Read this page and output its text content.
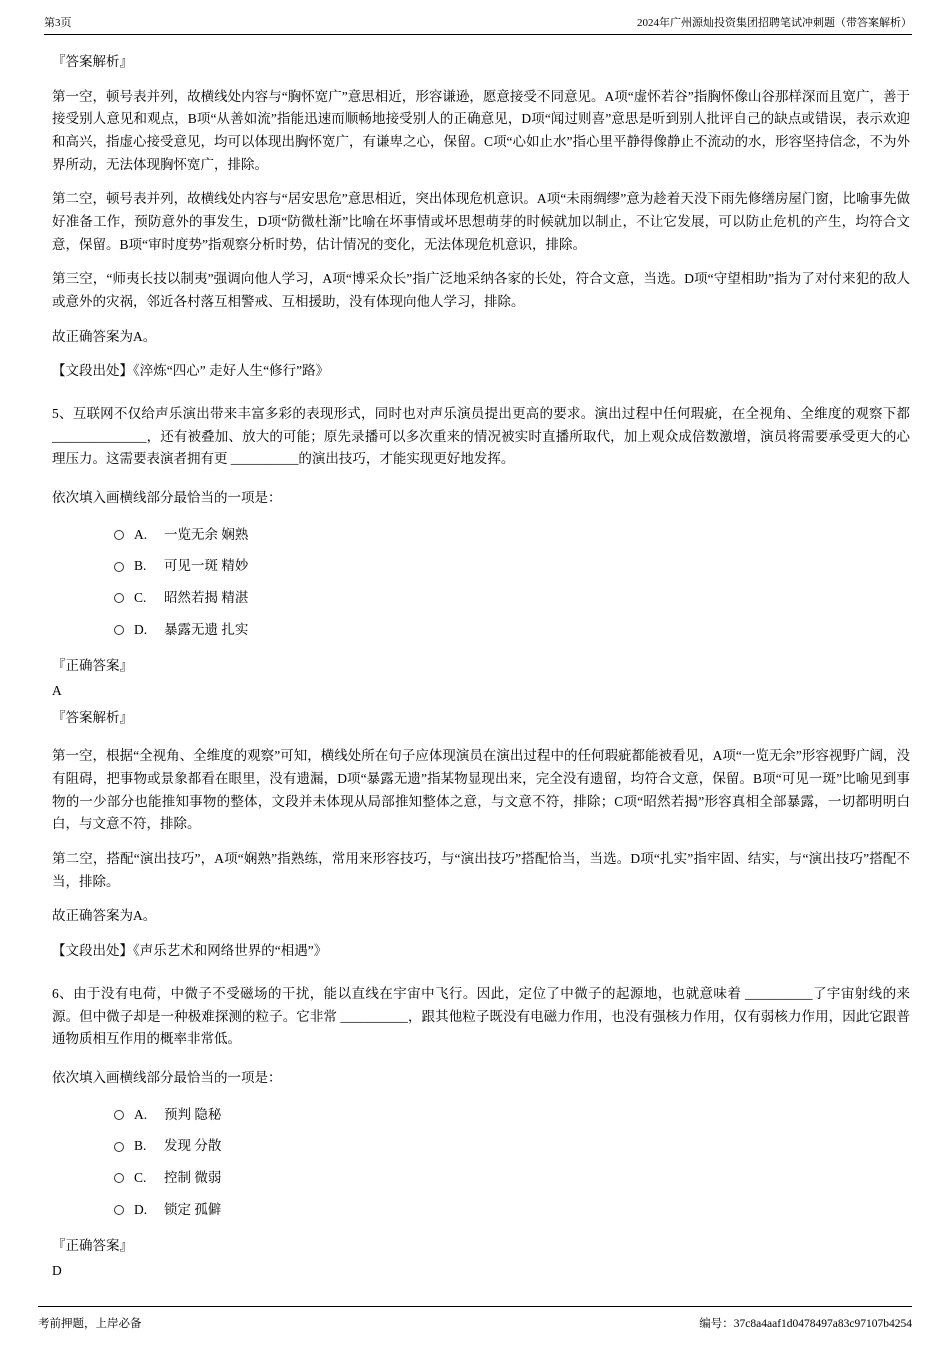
第3页	2024年广州源灿投资集团招聘笔试冲刺题（带答案解析）

『答案解析』

第一空，顿号表并列，故横线处内容与“胸怀宽广”意思相近，形容谦逊，愿意接受不同意见。A项“虚怀若谷”指胸怀像山谷那样深而且宽广，善于接受别人意见和观点，B项“从善如流”指能迅速而顺畅地接受别人的正确意见，D项“闻过则喜”意思是听到别人批评自己的缺点或错误，表示欢迎和高兴，指虚心接受意见，均可以体现出胸怀宽广，有谦卑之心，保留。C项“心如止水”指心里平静得像静止不流动的水，形容坚持信念，不为外界所动，无法体现胸怀宽广，排除。

第二空，顿号表并列，故横线处内容与“居安思危”意思相近，突出体现危机意识。A项“未雨绸缪”意为趁着天没下雨先修缮房屋门窗，比喻事先做好准备工作，预防意外的事发生，D项“防微杜渐”比喻在坏事情或坏思想萌芽的时候就加以制止，不让它发展，可以防止危机的产生，均符合文意，保留。B项“审时度势”指观察分析时势，估计情况的变化，无法体现危机意识，排除。

第三空，“师夷长技以制夷”强调向他人学习，A项“博采众长”指广泛地采纳各家的长处，符合文意，当选。D项“守望相助”指为了对付来犯的敌人或意外的灾祸，邻近各村落互相警戒、互相援助，没有体现向他人学习，排除。

故正确答案为A。

【文段出处】《淬炼“四心” 走好人生“修行”路》

5、互联网不仅给声乐演出带来丰富多彩的表现形式，同时也对声乐演员提出更高的要求。演出过程中任何瑕疵，在全视角、全维度的观察下都______________，还有被叠加、放大的可能；原先录播可以多次重来的情况被实时直播所取代，加上观众成倍数激增，演员将需要承受更大的心理压力。这需要表演者拥有更 __________的演出技巧，才能实现更好地发挥。

依次填入画横线部分最恰当的一项是：

A.	一览无余 娴熟
B.	可见一斑 精妙
C.	昭然若揭 精湛
D.	暴露无遗 扎实

『正确答案』

A

『答案解析』

第一空，根据“全视角、全维度的观察”可知，横线处所在句子应体现演员在演出过程中的任何瑕疵都能被看见，A项“一览无余”形容视野广阔，没有阻碍，把事物或景象都看在眼里，没有遗漏，D项“暴露无遗”指某物显现出来，完全没有遗留，均符合文意，保留。B项“可见一斑”比喻见到事物的一少部分也能推知事物的整体，文段并未体现从局部推知整体之意，与文意不符，排除；C项“昭然若揭”形容真相全部暴露，一切都明明白白，与文意不符，排除。

第二空，搭配“演出技巧”，A项“娴熟”指熟练，常用来形容技巧，与“演出技巧”搭配恰当，当选。D项“扎实”指牢固、结实，与“演出技巧”搭配不当，排除。

故正确答案为A。

【文段出处】《声乐艺术和网络世界的“相遇”》

6、由于没有电荷，中微子不受磁场的干扰，能以直线在宇宙中飞行。因此，定位了中微子的起源地，也就意味着 __________了宇宙射线的来源。但中微子却是一种极难探测的粒子。它非常 __________，跟其他粒子既没有电磁力作用，也没有强核力作用，仅有弱核力作用，因此它跟普通物质相互作用的概率非常低。

依次填入画横线部分最恰当的一项是：

A.	预判 隐秘
B.	发现 分散
C.	控制 微弱
D.	锁定 孤僻

『正确答案』

D

考前押题，上岸必备	编号：37c8a4aaf1d0478497a83c97107b4254
